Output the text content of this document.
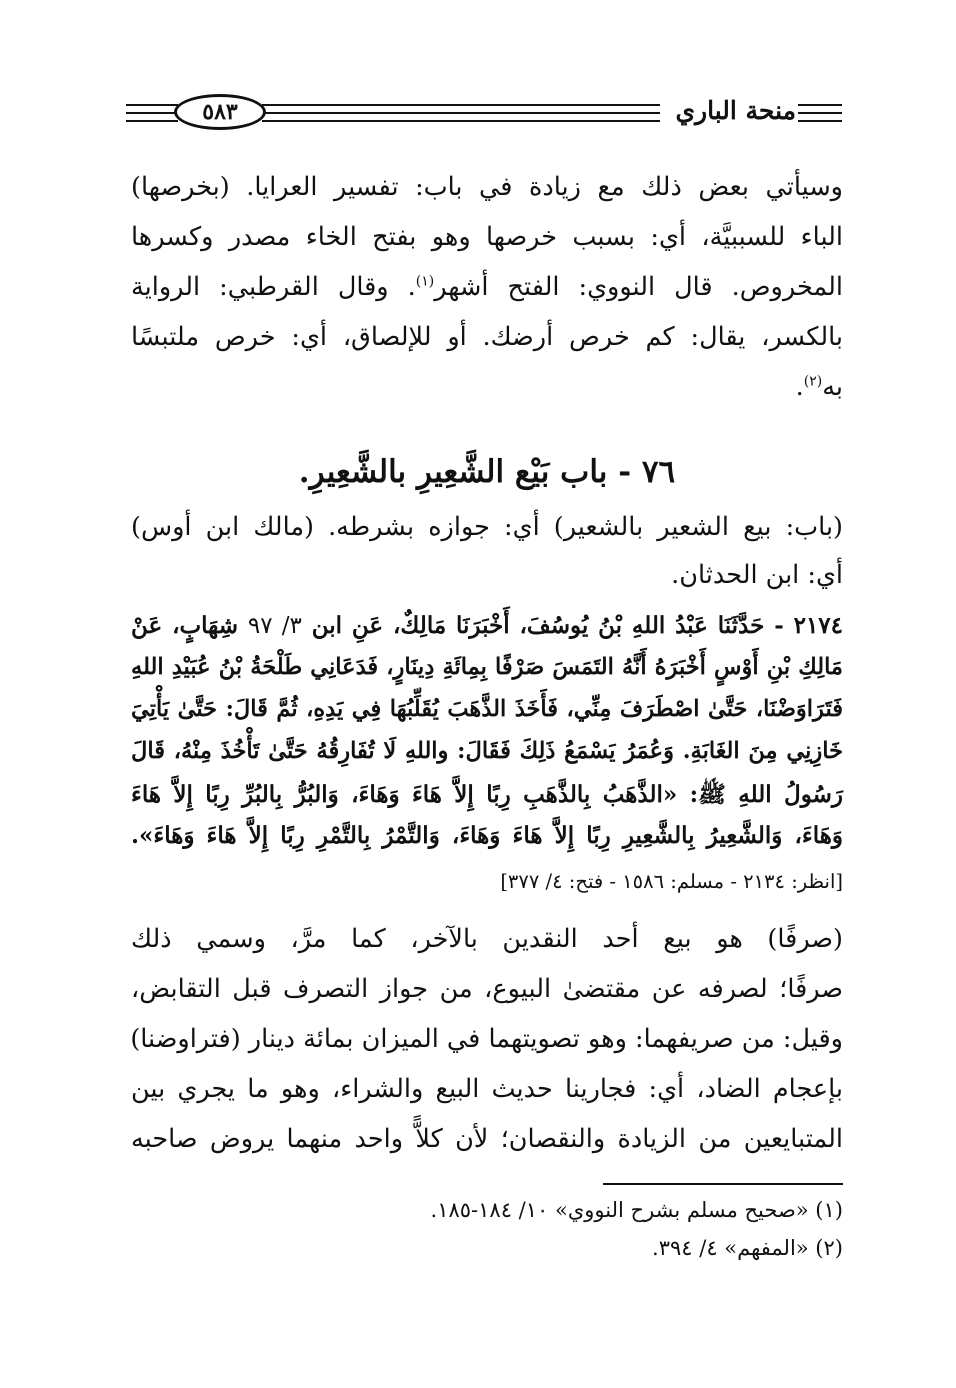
٥٨٣	منحة الباري
وسيأتي بعض ذلك مع زيادة في باب: تفسير العرايا. (بخرصها)
الباء للسببيَّة، أي: بسبب خرصها وهو بفتح الخاء مصدر وكسرها
المخروص. قال النووي: الفتح أشهر$^{(١)}$. وقال القرطبي: الرواية
بالكسر، يقال: كم خرص أرضك. أو للإلصاق، أي: خرص ملتبسًا
به$^{(٢)}$.
٧٦ - باب بَيْع الشَّعِيرِ بالشَّعِيرِ.
(باب: بيع الشعير بالشعير) أي: جوازه بشرطه. (مالك ابن أوس)
أي: ابن الحدثان.
٢١٧٤ - حَدَّثَنَا عَبْدُ اللهِ بْنُ يُوسُفَ، أَخْبَرَنَا مَالِكٌ، عَنِ ابن ٣/ ٩٧ شِهَابٍ، عَنْ
مَالِكِ بْنِ أَوْسٍ أَخْبَرَهُ أَنَّهُ التَمَسَ صَرْفًا بِمِائَةِ دِينَارٍ، فَدَعَانِي طَلْحَةُ بْنُ عُبَيْدِ اللهِ
فَتَرَاوَضْنَا، حَتَّىٰ اصْطَرَفَ مِنِّي، فَأَخَذَ الذَّهَبَ يُقَلِّبُهَا فِي يَدِهِ، ثُمَّ قَالَ: حَتَّىٰ يَأْتِيَ
خَازِنِي مِنَ الغَابَةِ. وَعُمَرُ يَسْمَعُ ذَلِكَ فَقَالَ: واللهِ لَا تُفَارِقُهُ حَتَّىٰ تَأْخُذَ مِنْهُ، قَالَ
رَسُولُ اللهِ ﷺ: «الذَّهَبُ بِالذَّهَبِ رِبًا إِلاَّ هَاءَ وَهَاءَ، وَالبُرُّ بِالبُرِّ رِبًا إِلاَّ هَاءَ
وَهَاءَ، وَالشَّعِيرُ بِالشَّعِيرِ رِبًا إِلاَّ هَاءَ وَهَاءَ، وَالتَّمْرُ بِالتَّمْرِ رِبًا إِلاَّ هَاءَ وَهَاءَ».
[انظر: ٢١٣٤ - مسلم: ١٥٨٦ - فتح: ٤/ ٣٧٧]
(صرفًا) هو بيع أحد النقدين بالآخر، كما مرَّ، وسمي ذلك
صرفًا؛ لصرفه عن مقتضىٰ البيوع، من جواز التصرف قبل التقابض،
وقيل: من صريفهما: وهو تصويتهما في الميزان بمائة دينار (فتراوضنا)
بإعجام الضاد، أي: فجارينا حديث البيع والشراء، وهو ما يجري بين
المتبايعين من الزيادة والنقصان؛ لأن كلاًّ واحد منهما يروض صاحبه
(١) «صحيح مسلم بشرح النووي» ١٠/ ١٨٤-١٨٥.
(٢) «المفهم» ٤/ ٣٩٤.
